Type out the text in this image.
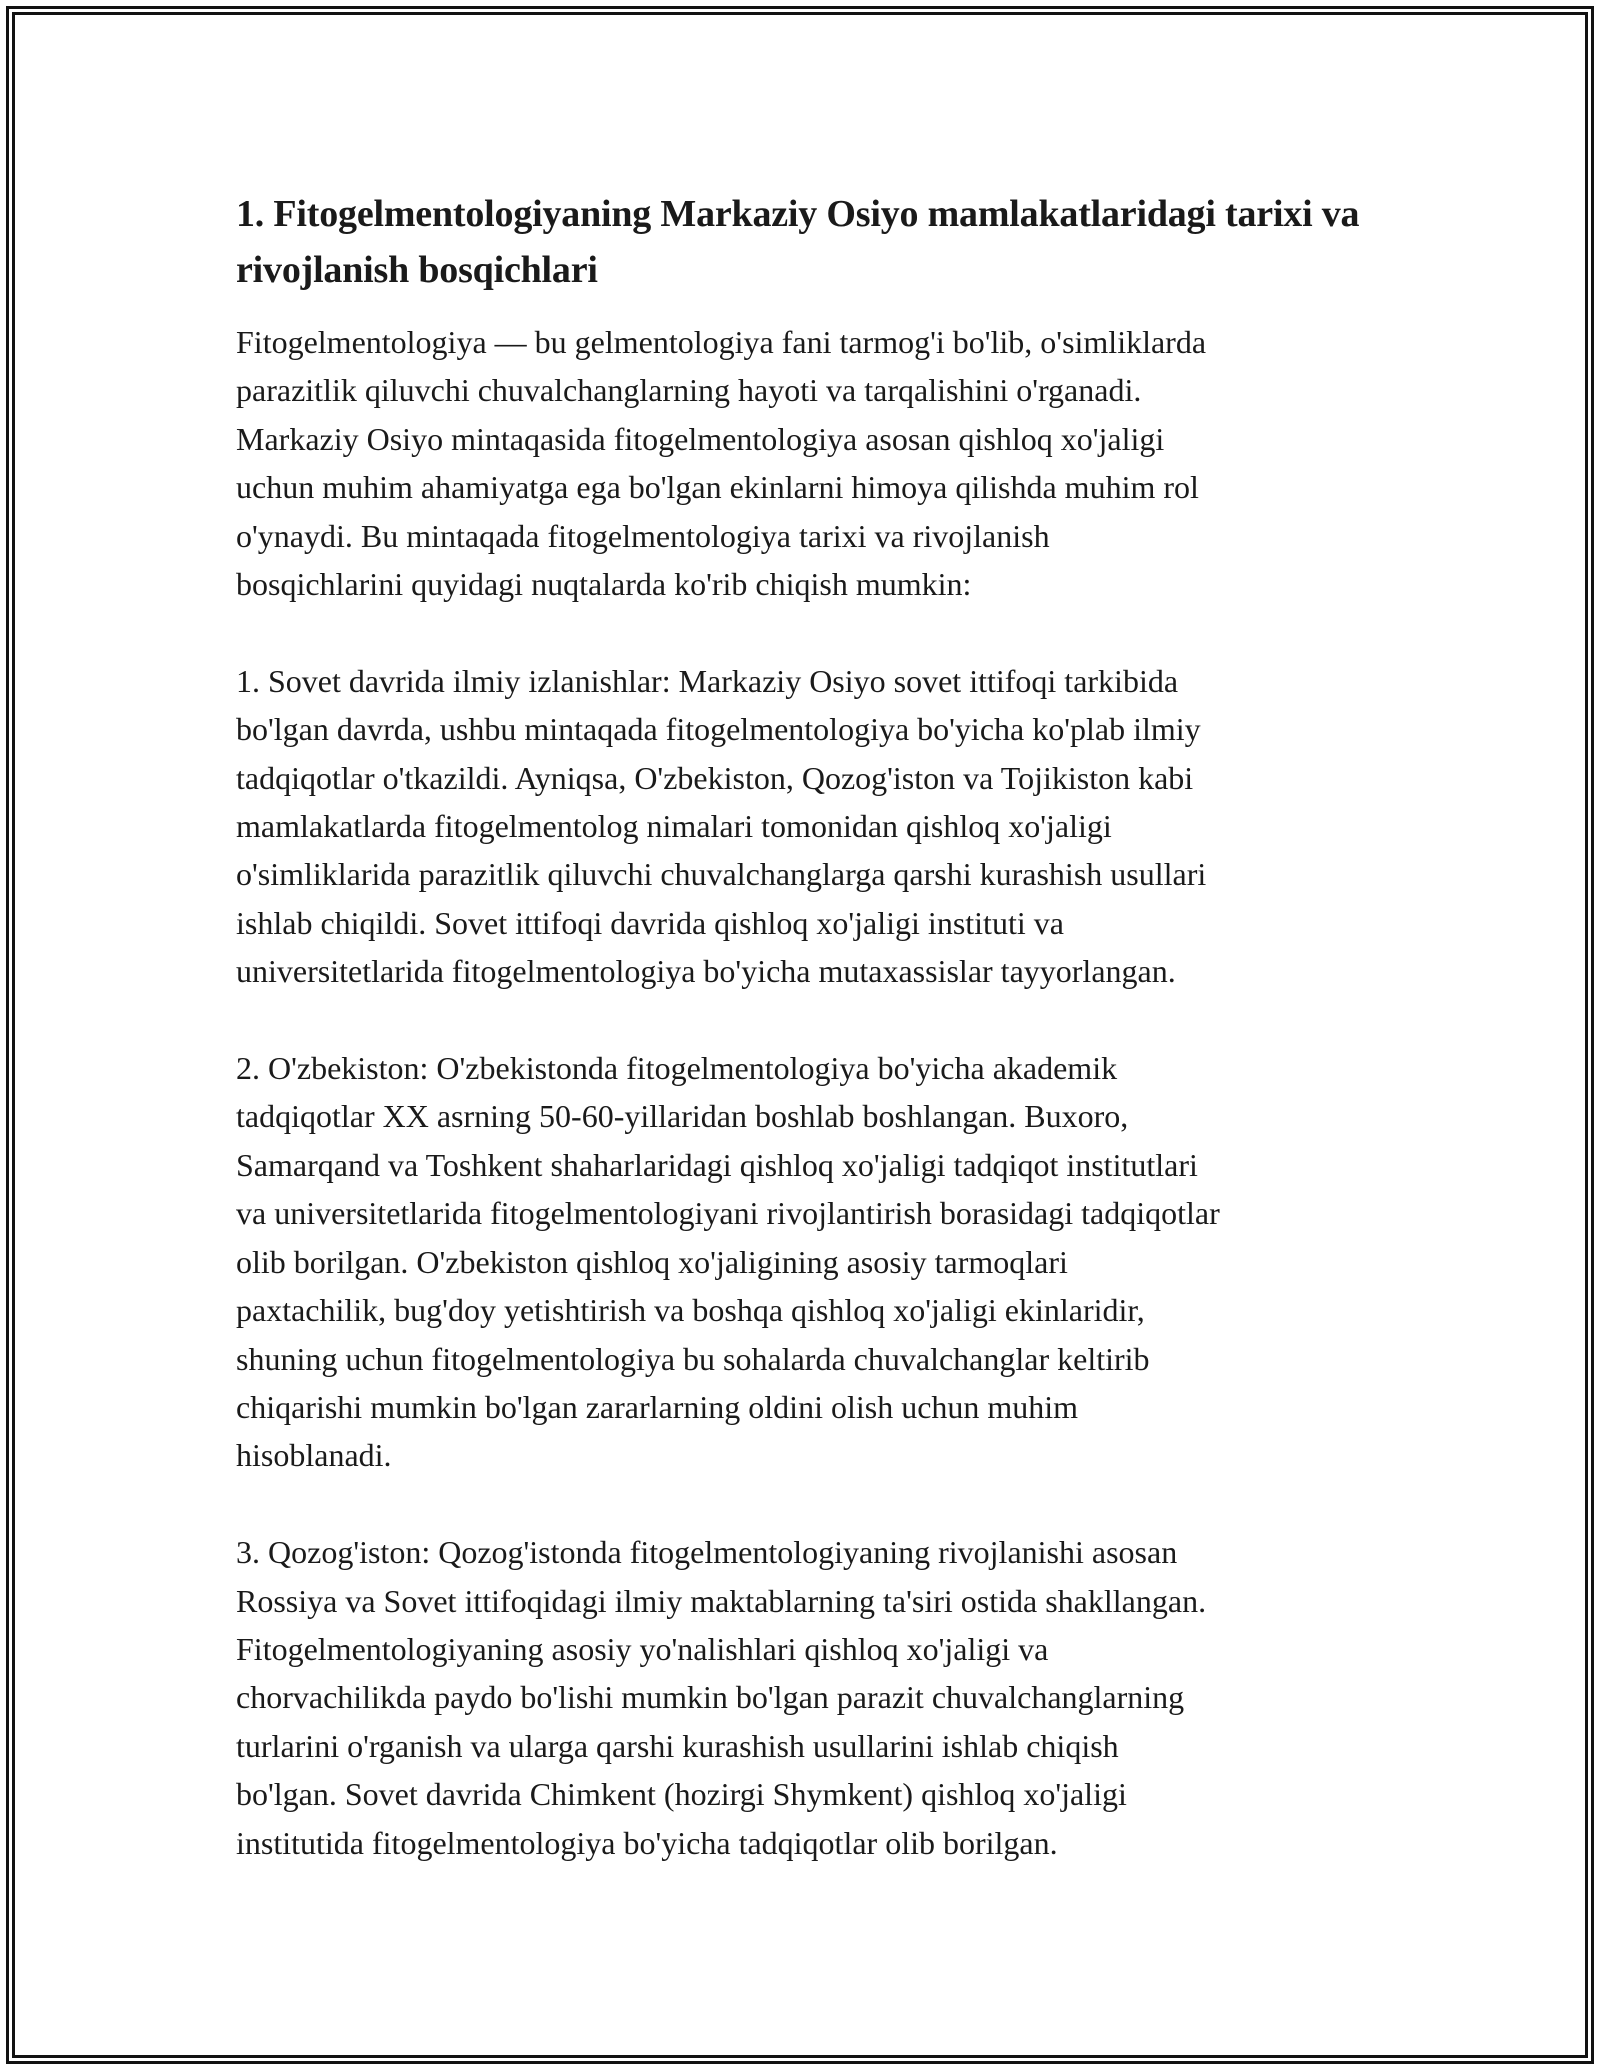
1. Fitogelmentologiyaning Markaziy Osiyo mamlakatlaridagi tarixi va rivojlanish bosqichlari

Fitogelmentologiya — bu gelmentologiya fani tarmog'i bo'lib, o'simliklarda
parazitlik qiluvchi chuvalchanglarning hayoti va tarqalishini o'rganadi.
Markaziy Osiyo mintaqasida fitogelmentologiya asosan qishloq xo'jaligi
uchun muhim ahamiyatga ega bo'lgan ekinlarni himoya qilishda muhim rol
o'ynaydi. Bu mintaqada fitogelmentologiya tarixi va rivojlanish
bosqichlarini quyidagi nuqtalarda ko'rib chiqish mumkin:

1. Sovet davrida ilmiy izlanishlar: Markaziy Osiyo sovet ittifoqi tarkibida
bo'lgan davrda, ushbu mintaqada fitogelmentologiya bo'yicha ko'plab ilmiy
tadqiqotlar o'tkazildi. Ayniqsa, O'zbekiston, Qozog'iston va Tojikiston kabi
mamlakatlarda fitogelmentolog nimalari tomonidan qishloq xo'jaligi
o'simliklarida parazitlik qiluvchi chuvalchanglarga qarshi kurashish usullari
ishlab chiqildi. Sovet ittifoqi davrida qishloq xo'jaligi instituti va
universitetlarida fitogelmentologiya bo'yicha mutaxassislar tayyorlangan.

2. O'zbekiston: O'zbekistonda fitogelmentologiya bo'yicha akademik
tadqiqotlar XX asrning 50-60-yillaridan boshlab boshlangan. Buxoro,
Samarqand va Toshkent shaharlaridagi qishloq xo'jaligi tadqiqot institutlari
va universitetlarida fitogelmentologiyani rivojlantirish borasidagi tadqiqotlar
olib borilgan. O'zbekiston qishloq xo'jaligining asosiy tarmoqlari
paxtachilik, bug'doy yetishtirish va boshqa qishloq xo'jaligi ekinlaridir,
shuning uchun fitogelmentologiya bu sohalarda chuvalchanglar keltirib
chiqarishi mumkin bo'lgan zararlarning oldini olish uchun muhim
hisoblanadi.

3. Qozog'iston: Qozog'istonda fitogelmentologiyaning rivojlanishi asosan
Rossiya va Sovet ittifoqidagi ilmiy maktablarning ta'siri ostida shakllangan.
Fitogelmentologiyaning asosiy yo'nalishlari qishloq xo'jaligi va
chorvachilikda paydo bo'lishi mumkin bo'lgan parazit chuvalchanglarning
turlarini o'rganish va ularga qarshi kurashish usullarini ishlab chiqish
bo'lgan. Sovet davrida Chimkent (hozirgi Shymkent) qishloq xo'jaligi
institutida fitogelmentologiya bo'yicha tadqiqotlar olib borilgan.
